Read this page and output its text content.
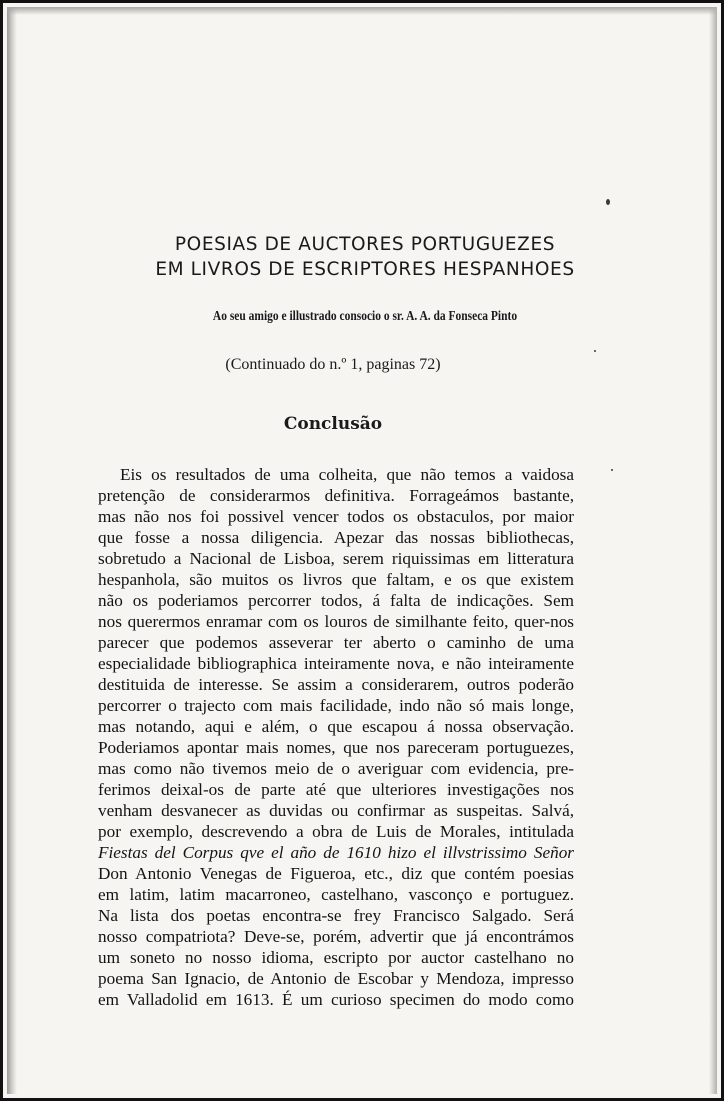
POESIAS DE AUCTORES PORTUGUEZES
EM LIVROS DE ESCRIPTORES HESPANHOES
Ao seu amigo e illustrado consocio o sr. A. A. da Fonseca Pinto
(Continuado do n.º 1, paginas 72)
Conclusão
Eis os resultados de uma colheita, que não temos a vaidosa
pretenção de considerarmos definitiva. Forrageámos bastante,
mas não nos foi possivel vencer todos os obstaculos, por maior
que fosse a nossa diligencia. Apezar das nossas bibliothecas,
sobretudo a Nacional de Lisboa, serem riquissimas em litteratura
hespanhola, são muitos os livros que faltam, e os que existem
não os poderiamos percorrer todos, á falta de indicações. Sem
nos querermos enramar com os louros de similhante feito, quer-nos
parecer que podemos asseverar ter aberto o caminho de uma
especialidade bibliographica inteiramente nova, e não inteiramente
destituida de interesse. Se assim a considerarem, outros poderão
percorrer o trajecto com mais facilidade, indo não só mais longe,
mas notando, aqui e além, o que escapou á nossa observação.
Poderiamos apontar mais nomes, que nos pareceram portuguezes,
mas como não tivemos meio de o averiguar com evidencia, pre-
ferimos deixal-os de parte até que ulteriores investigações nos
venham desvanecer as duvidas ou confirmar as suspeitas. Salvá,
por exemplo, descrevendo a obra de Luis de Morales, intitulada
Fiestas del Corpus qve el año de 1610 hizo el illvstrissimo Señor
Don Antonio Venegas de Figueroa, etc., diz que contém poesias
em latim, latim macarroneo, castelhano, vasconço e portuguez.
Na lista dos poetas encontra-se frey Francisco Salgado. Será
nosso compatriota? Deve-se, porém, advertir que já encontrámos
um soneto no nosso idioma, escripto por auctor castelhano no
poema San Ignacio, de Antonio de Escobar y Mendoza, impresso
em Valladolid em 1613. É um curioso specimen do modo como
